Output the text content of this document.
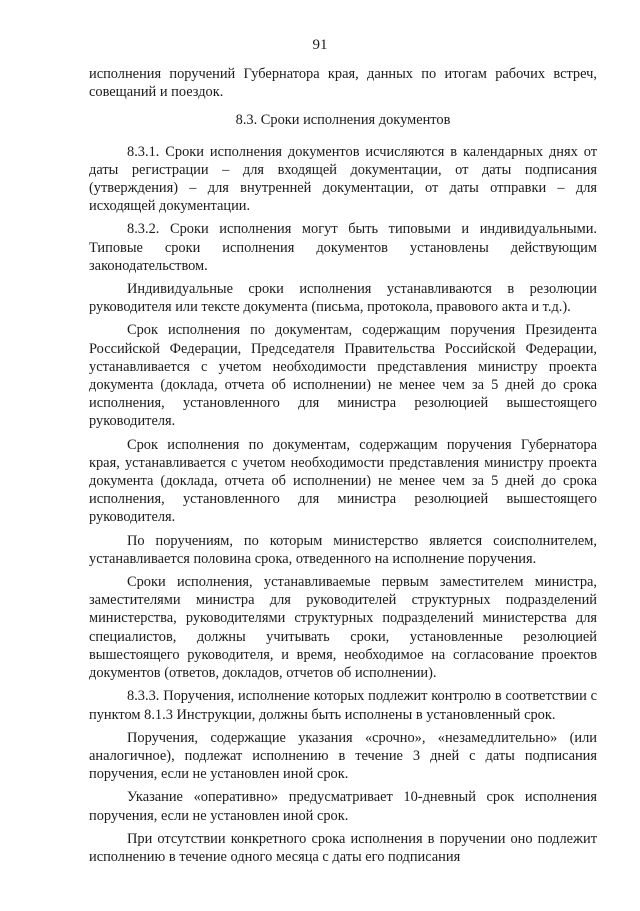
91

исполнения поручений Губернатора края, данных по итогам рабочих встреч, совещаний и поездок.

8.3. Сроки исполнения документов

8.3.1. Сроки исполнения документов исчисляются в календарных днях от даты регистрации – для входящей документации, от даты подписания (утверждения) – для внутренней документации, от даты отправки – для исходящей документации.

8.3.2. Сроки исполнения могут быть типовыми и индивидуальными. Типовые сроки исполнения документов установлены действующим законодательством.

Индивидуальные сроки исполнения устанавливаются в резолюции руководителя или тексте документа (письма, протокола, правового акта и т.д.).

Срок исполнения по документам, содержащим поручения Президента Российской Федерации, Председателя Правительства Российской Федерации, устанавливается с учетом необходимости представления министру проекта документа (доклада, отчета об исполнении) не менее чем за 5 дней до срока исполнения, установленного для министра резолюцией вышестоящего руководителя.

Срок исполнения по документам, содержащим поручения Губернатора края, устанавливается с учетом необходимости представления министру проекта документа (доклада, отчета об исполнении) не менее чем за 5 дней до срока исполнения, установленного для министра резолюцией вышестоящего руководителя.

По поручениям, по которым министерство является соисполнителем, устанавливается половина срока, отведенного на исполнение поручения.

Сроки исполнения, устанавливаемые первым заместителем министра, заместителями министра для руководителей структурных подразделений министерства, руководителями структурных подразделений министерства для специалистов, должны учитывать сроки, установленные резолюцией вышестоящего руководителя, и время, необходимое на согласование проектов документов (ответов, докладов, отчетов об исполнении).

8.3.3. Поручения, исполнение которых подлежит контролю в соответствии с пунктом 8.1.3 Инструкции, должны быть исполнены в установленный срок.

Поручения, содержащие указания «срочно», «незамедлительно» (или аналогичное), подлежат исполнению в течение 3 дней с даты подписания поручения, если не установлен иной срок.

Указание «оперативно» предусматривает 10-дневный срок исполнения поручения, если не установлен иной срок.

При отсутствии конкретного срока исполнения в поручении оно подлежит исполнению в течение одного месяца с даты его подписания
